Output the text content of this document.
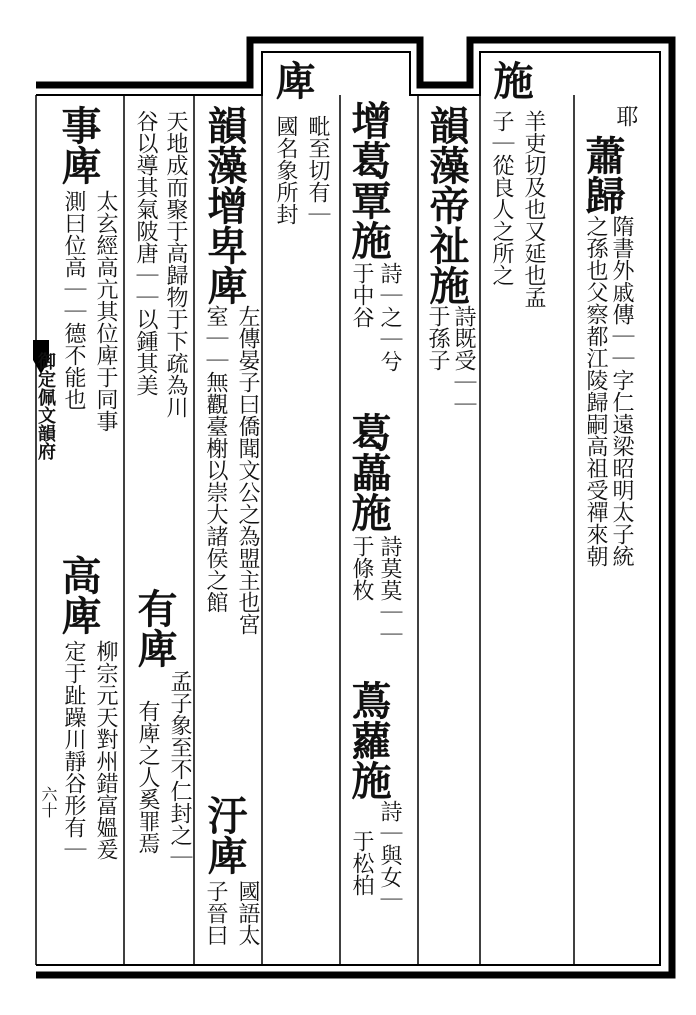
耶
蕭歸
隋書外戚傳｜｜字仁遠梁昭明太子統
之孫也父察都江陵歸嗣高祖受禪來朝
施
羊吏切及也又延也孟
子｜從良人之所之
韻藻帝祉施
詩既受｜｜
于孫子
增葛覃施
詩｜之｜兮
于中谷
葛藟施
詩莫莫｜｜
于條枚
蔦蘿施
詩｜與女｜
于松柏
庳
毗至切有｜
國名象所封
韻藻增卑庳
左傳晏子曰僑聞文公之為盟主也宮
室｜｜無觀臺榭以崇大諸侯之館
汙庳
國語太
子晉曰
天地成而聚于高歸物于下疏為川
谷以導其氣陂唐｜｜以鍾其美
有庳
孟子象至不仁封之｜
有庳之人奚罪焉
事庳
太玄經高亢其位庳于同事
測曰位高｜｜德不能也
高庳
柳宗元天對州錯富媼爰
定于趾躁川靜谷形有｜
御定佩文韻府
六十
